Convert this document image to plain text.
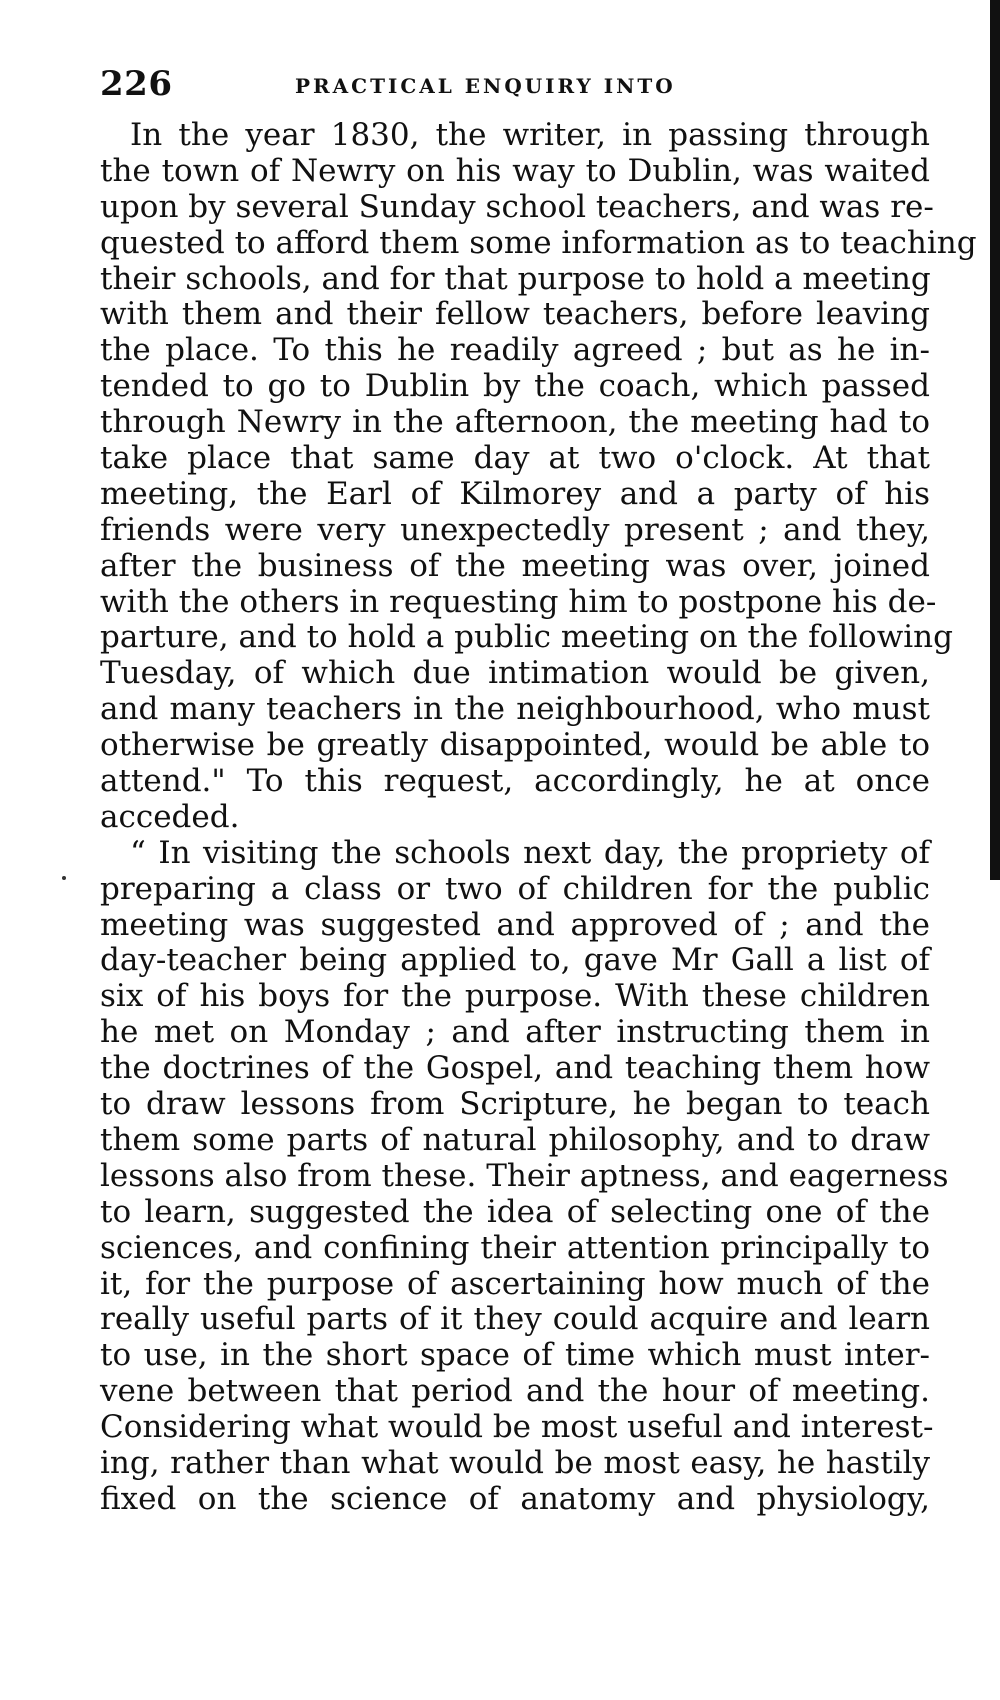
226	PRACTICAL ENQUIRY INTO
In the year 1830, the writer, in passing through
the town of Newry on his way to Dublin, was waited
upon by several Sunday school teachers, and was re-
quested to afford them some information as to teaching
their schools, and for that purpose to hold a meeting
with them and their fellow teachers, before leaving
the place. To this he readily agreed ; but as he in-
tended to go to Dublin by the coach, which passed
through Newry in the afternoon, the meeting had to
take place that same day at two o'clock. At that
meeting, the Earl of Kilmorey and a party of his
friends were very unexpectedly present ; and they,
after the business of the meeting was over, joined
with the others in requesting him to postpone his de-
parture, and to hold a public meeting on the following
Tuesday, of which due intimation would be given,
and many teachers in the neighbourhood, who must
otherwise be greatly disappointed, would be able to
attend." To this request, accordingly, he at once
acceded.
“ In visiting the schools next day, the propriety of
preparing a class or two of children for the public
meeting was suggested and approved of ; and the
day-teacher being applied to, gave Mr Gall a list of
six of his boys for the purpose. With these children
he met on Monday ; and after instructing them in
the doctrines of the Gospel, and teaching them how
to draw lessons from Scripture, he began to teach
them some parts of natural philosophy, and to draw
lessons also from these. Their aptness, and eagerness
to learn, suggested the idea of selecting one of the
sciences, and confining their attention principally to
it, for the purpose of ascertaining how much of the
really useful parts of it they could acquire and learn
to use, in the short space of time which must inter-
vene between that period and the hour of meeting.
Considering what would be most useful and interest-
ing, rather than what would be most easy, he hastily
fixed on the science of anatomy and physiology,
